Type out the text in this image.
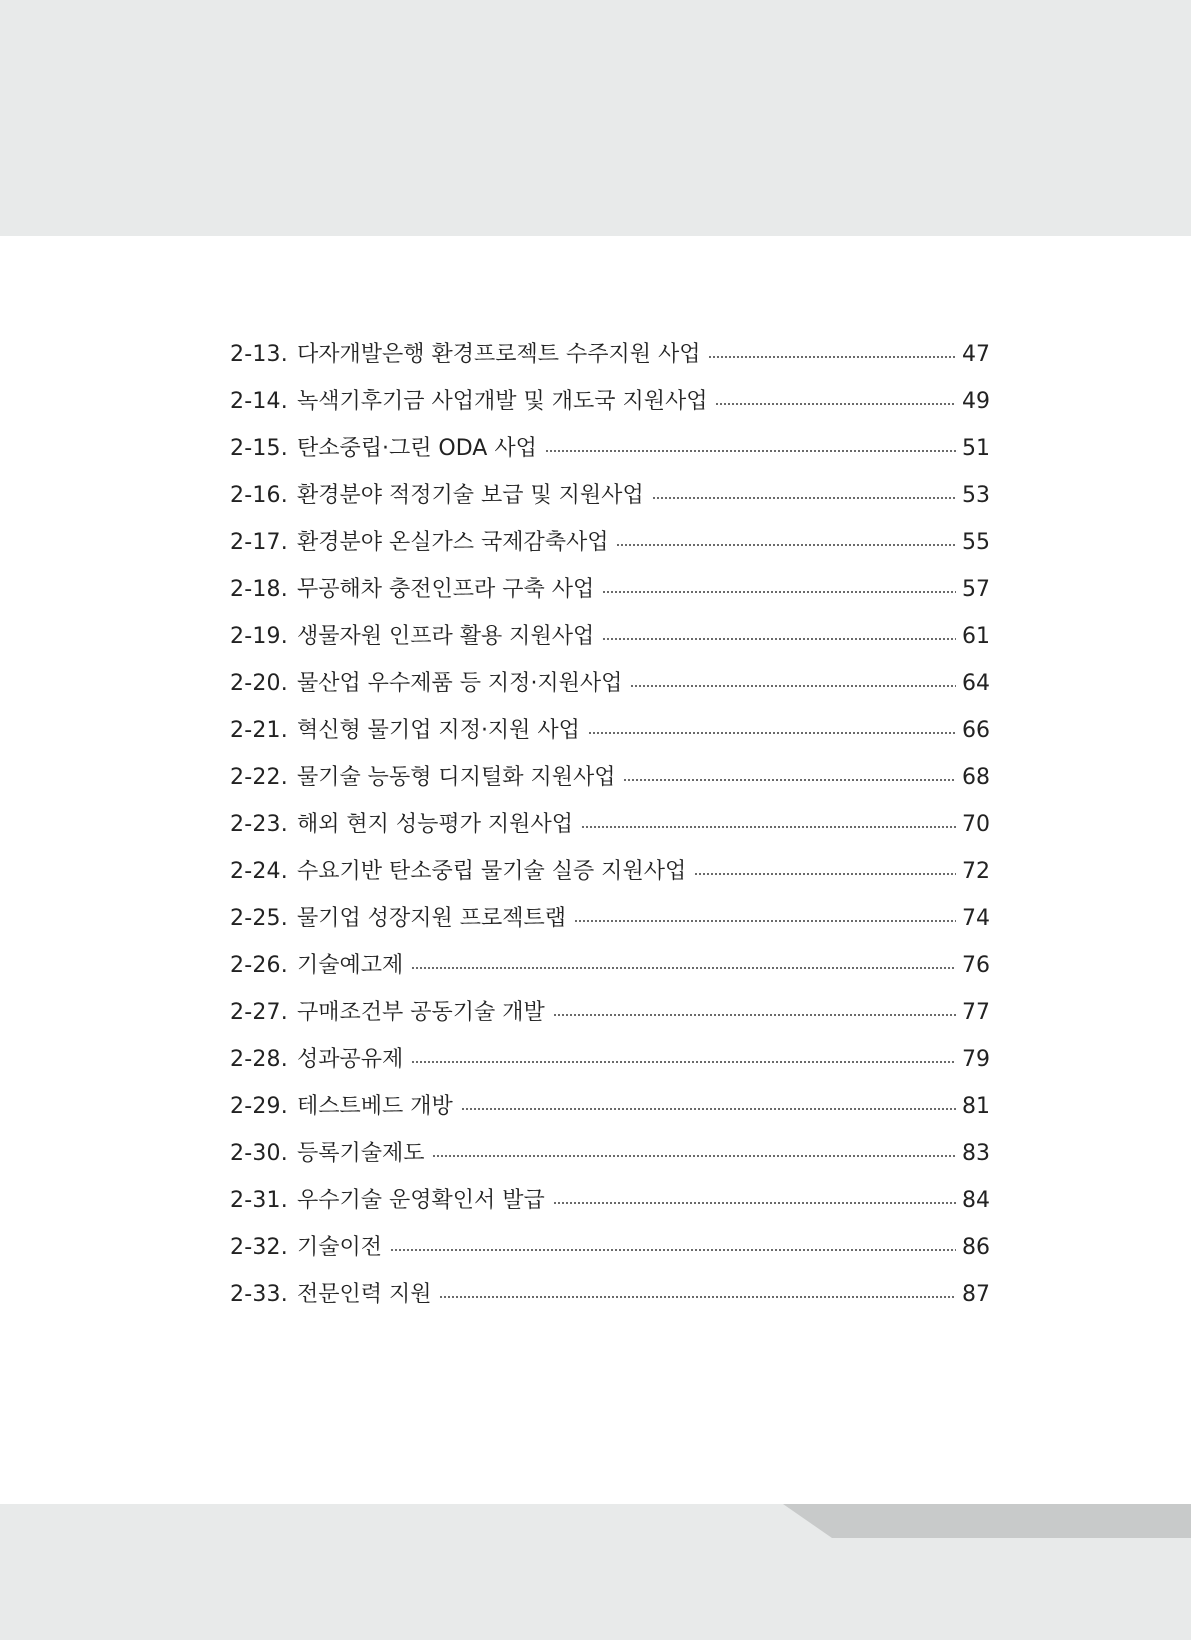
2-13. 다자개발은행 환경프로젝트 수주지원 사업	47
2-14. 녹색기후기금 사업개발 및 개도국 지원사업	49
2-15. 탄소중립·그린 ODA 사업	51
2-16. 환경분야 적정기술 보급 및 지원사업	53
2-17. 환경분야 온실가스 국제감축사업	55
2-18. 무공해차 충전인프라 구축 사업	57
2-19. 생물자원 인프라 활용 지원사업	61
2-20. 물산업 우수제품 등 지정·지원사업	64
2-21. 혁신형 물기업 지정·지원 사업	66
2-22. 물기술 능동형 디지털화 지원사업	68
2-23. 해외 현지 성능평가 지원사업	70
2-24. 수요기반 탄소중립 물기술 실증 지원사업	72
2-25. 물기업 성장지원 프로젝트랩	74
2-26. 기술예고제	76
2-27. 구매조건부 공동기술 개발	77
2-28. 성과공유제	79
2-29. 테스트베드 개방	81
2-30. 등록기술제도	83
2-31. 우수기술 운영확인서 발급	84
2-32. 기술이전	86
2-33. 전문인력 지원	87
